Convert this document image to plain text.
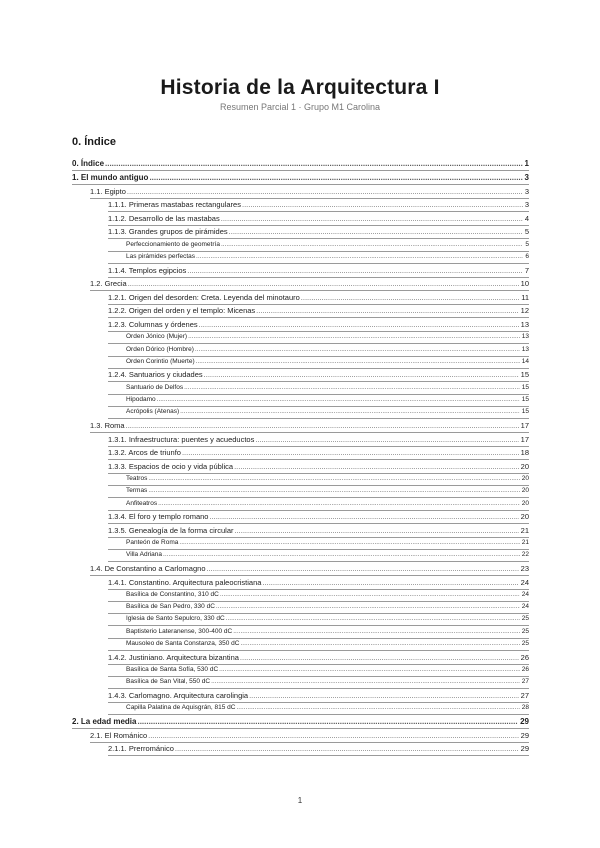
Historia de la Arquitectura I
Resumen Parcial 1 · Grupo M1 Carolina
0. Índice
0. Índice .....	1
1. El mundo antiguo .....	3
1.1. Egipto .....	3
1.1.1. Primeras mastabas rectangulares .....	3
1.1.2. Desarrollo de las mastabas .....	4
1.1.3. Grandes grupos de pirámides .....	5
Perfeccionamiento de geometría .....	5
Las pirámides perfectas .....	6
1.1.4. Templos egipcios .....	7
1.2. Grecia .....	10
1.2.1. Origen del desorden: Creta. Leyenda del minotauro .....	11
1.2.2. Origen del orden y el templo: Micenas .....	12
1.2.3. Columnas y órdenes .....	13
Orden Jónico (Mujer) .....	13
Orden Dórico (Hombre) .....	13
Orden Corintio (Muerte) .....	14
1.2.4. Santuarios y ciudades .....	15
Santuario de Delfos .....	15
Hipodamo .....	15
Acrópolis (Atenas) .....	15
1.3. Roma .....	17
1.3.1. Infraestructura: puentes y acueductos .....	17
1.3.2. Arcos de triunfo .....	18
1.3.3. Espacios de ocio y vida pública .....	20
Teatros .....	20
Termas .....	20
Anfiteatros .....	20
1.3.4. El foro y templo romano .....	20
1.3.5. Genealogía de la forma circular .....	21
Panteón de Roma .....	21
Villa Adriana .....	22
1.4. De Constantino a Carlomagno .....	23
1.4.1. Constantino. Arquitectura paleocristiana .....	24
Basílica de Constantino, 310 dC .....	24
Basílica de San Pedro, 330 dC .....	24
Iglesia de Santo Sepulcro, 330 dC .....	25
Baptisterio Lateranense, 300-400 dC .....	25
Mausoleo de Santa Constanza, 350 dC .....	25
1.4.2. Justiniano. Arquitectura bizantina .....	26
Basílica de Santa Sofía, 530 dC .....	26
Basílica de San Vital, 550 dC .....	27
1.4.3. Carlomagno. Arquitectura carolingia .....	27
Capilla Palatina de Aquisgrán, 815 dC .....	28
2. La edad media .....	29
2.1. El Románico .....	29
2.1.1. Prerrománico .....	29
1
